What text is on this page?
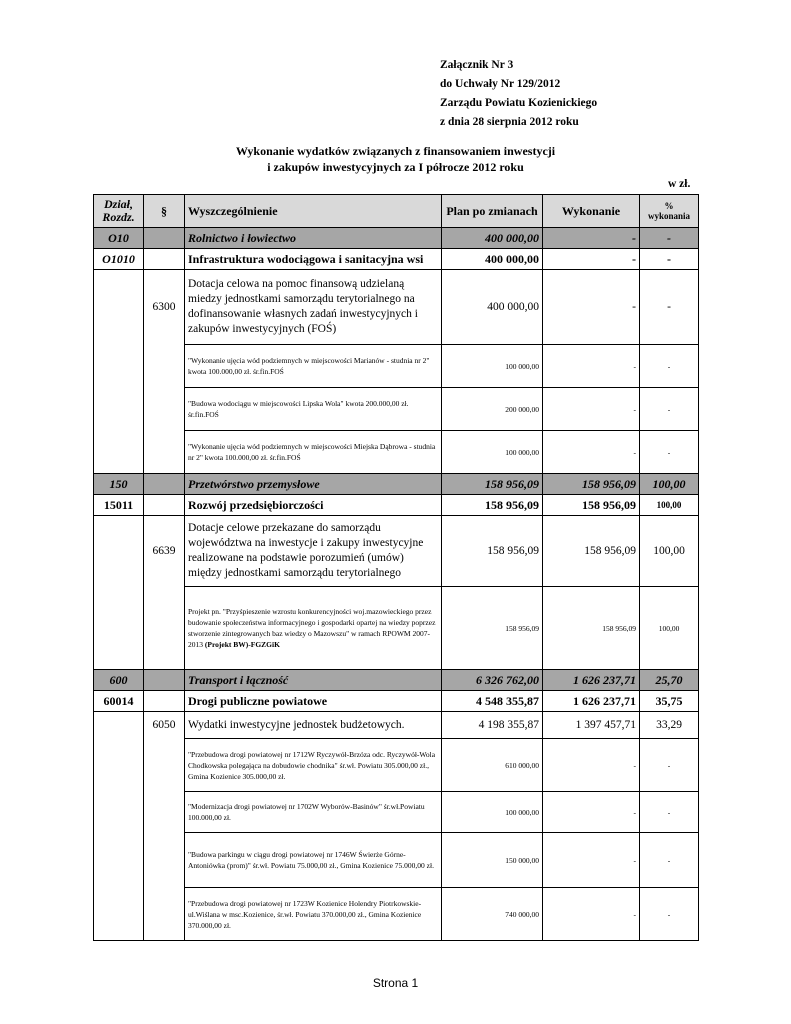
Załącznik Nr 3
do Uchwały Nr 129/2012
Zarządu Powiatu Kozienickiego
z dnia 28 sierpnia 2012 roku
Wykonanie wydatków związanych z finansowaniem inwestycji
i zakupów inwestycyjnych za I półrocze 2012 roku
w zł.
Dział, Rozdz.	§	Wyszczególnienie	Plan po zmianach	Wykonanie	% wykonania
O10		Rolnictwo i łowiectwo	400 000,00	-	-
O1010		Infrastruktura wodociągowa i sanitacyjna wsi	400 000,00	-	-
	6300	Dotacja celowa na pomoc finansową udzielaną miedzy jednostkami samorządu terytorialnego na dofinansowanie własnych zadań inwestycyjnych i zakupów inwestycyjnych (FOŚ)	400 000,00	-	-
		"Wykonanie ujęcia wód podziemnych w miejscowości Marianów - studnia nr 2" kwota 100.000,00 zł. śr.fin.FOŚ	100 000,00	-	-
		"Budowa wodociągu w miejscowości Lipska Wola" kwota 200.000,00 zł. śr.fin.FOŚ	200 000,00	-	-
		"Wykonanie ujęcia wód podziemnych w miejscowości Miejska Dąbrowa - studnia nr 2" kwota 100.000,00 zł. śr.fin.FOŚ	100 000,00	-	-
150		Przetwórstwo przemysłowe	158 956,09	158 956,09	100,00
15011		Rozwój przedsiębiorczości	158 956,09	158 956,09	100,00
	6639	Dotacje celowe przekazane do samorządu województwa na inwestycje i zakupy inwestycyjne realizowane na podstawie porozumień (umów) między jednostkami samorządu terytorialnego	158 956,09	158 956,09	100,00
		Projekt pn. "Przyśpieszenie wzrostu konkurencyjności woj.mazowieckiego przez budowanie społeczeństwa informacyjnego i gospodarki opartej na wiedzy poprzez stworzenie zintegrowanych baz wiedzy o Mazowszu" w ramach RPOWM 2007-2013 (Projekt BW)-FGZGiK	158 956,09	158 956,09	100,00
600		Transport i łączność	6 326 762,00	1 626 237,71	25,70
60014		Drogi publiczne powiatowe	4 548 355,87	1 626 237,71	35,75
	6050	Wydatki inwestycyjne jednostek budżetowych.	4 198 355,87	1 397 457,71	33,29
		"Przebudowa drogi powiatowej nr 1712W Ryczywół-Brzóza odc. Ryczywół-Wola Chodkowska polegająca na dobudowie chodnika" śr.wł. Powiatu 305.000,00 zł., Gmina Kozienice 305.000,00 zł.	610 000,00	-	-
		"Modernizacja drogi powiatowej nr 1702W Wyborów-Basinów" śr.wł.Powiatu 100.000,00 zł.	100 000,00	-	-
		"Budowa parkingu w ciągu drogi powiatowej nr 1746W Świerże Górne-Antoniówka (prom)" śr.wł. Powiatu 75.000,00 zł., Gmina Kozienice 75.000,00 zł.	150 000,00	-	-
		"Przebudowa drogi powiatowej nr 1723W Kozienice Holendry Piotrkowskie-ul.Wiślana w msc.Kozienice, śr.wł. Powiatu 370.000,00 zł., Gmina Kozienice 370.000,00 zł.	740 000,00	-	-
Strona 1
